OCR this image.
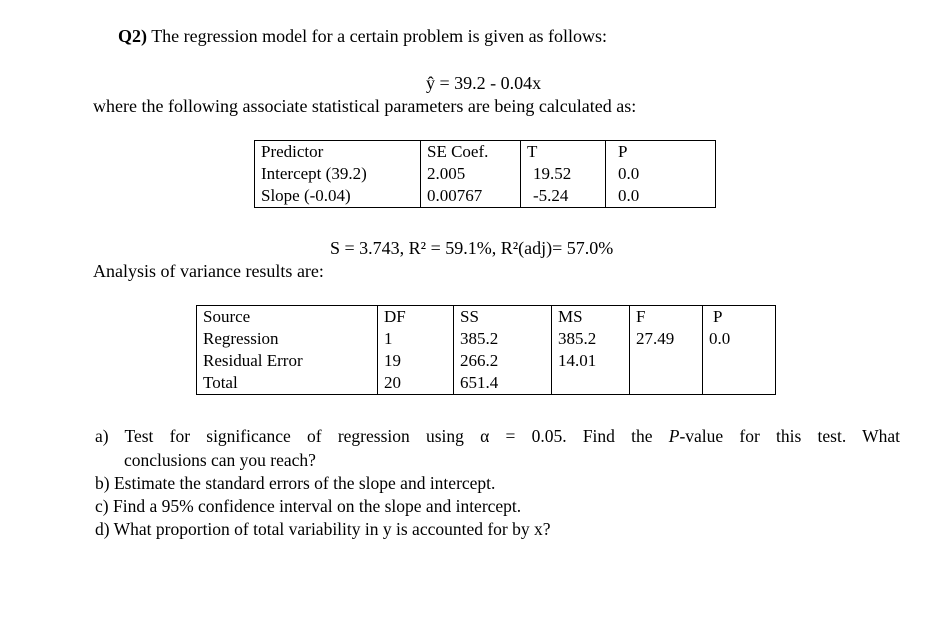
Q2) The regression model for a certain problem is given as follows:
ŷ = 39.2 - 0.04x
where the following associate statistical parameters are being calculated as:
Predictor	SE Coef.	T	P
Intercept (39.2)	2.005	19.52	0.0
Slope (-0.04)	0.00767	-5.24	0.0
S = 3.743, R² = 59.1%, R²(adj)= 57.0%
Analysis of variance results are:
Source	DF	SS	MS	F	P
Regression	1	385.2	385.2	27.49	0.0
Residual Error	19	266.2	14.01		
Total	20	651.4			
a) Test for significance of regression using α = 0.05. Find the P-value for this test. What
conclusions can you reach?
b) Estimate the standard errors of the slope and intercept.
c) Find a 95% confidence interval on the slope and intercept.
d) What proportion of total variability in y is accounted for by x?
